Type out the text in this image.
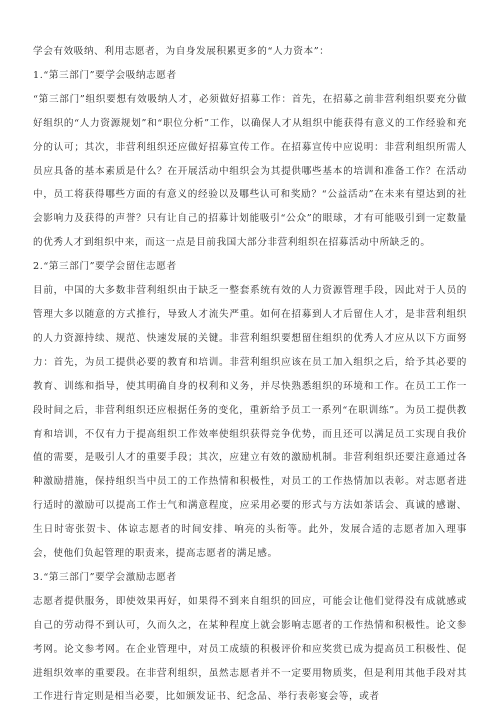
学会有效吸纳、利用志愿者，为自身发展积累更多的“人力资本”：

1.“第三部门”要学会吸纳志愿者

“第三部门”组织要想有效吸纳人才，必须做好招募工作：首先，在招募之前非营利组织要充分做好组织的“人力资源规划”和“职位分析”工作，以确保人才从组织中能获得有意义的工作经验和充分的认可；其次，非营利组织还应做好招募宣传工作。在招募宣传中应说明：非营利组织所需人员应具备的基本素质是什么？在开展活动中组织会为其提供哪些基本的培训和准备工作？在活动中，员工将获得哪些方面的有意义的经验以及哪些认可和奖励？“公益活动”在未来有望达到的社会影响力及获得的声誉？只有让自己的招募计划能吸引“公众”的眼球，才有可能吸引到一定数量的优秀人才到组织中来，而这一点是目前我国大部分非营利组织在招募活动中所缺乏的。

2.“第三部门”要学会留住志愿者

目前，中国的大多数非营利组织由于缺乏一整套系统有效的人力资源管理手段，因此对于人员的管理大多以随意的方式推行，导致人才流失严重。如何在招募到人才后留住人才，是非营利组织的人力资源持续、规范、快速发展的关键。非营利组织要想留住组织的优秀人才应从以下方面努力：首先，为员工提供必要的教育和培训。非营利组织应该在员工加入组织之后，给予其必要的教育、训练和指导，使其明确自身的权利和义务，并尽快熟悉组织的环境和工作。在员工工作一段时间之后，非营利组织还应根据任务的变化，重新给予员工一系列“在职训练”。为员工提供教育和培训，不仅有力于提高组织工作效率使组织获得竞争优势，而且还可以满足员工实现自我价值的需要，是吸引人才的重要手段；其次，应建立有效的激励机制。非营利组织还要注意通过各种激励措施，保持组织当中员工的工作热情和积极性，对员工的工作热情加以表彰。对志愿者进行适时的激励可以提高工作士气和满意程度，应采用必要的形式与方法如茶话会、真诚的感谢、生日时寄张贺卡、体谅志愿者的时间安排、响亮的头衔等。此外，发展合适的志愿者加入理事会，使他们负起管理的职责来，提高志愿者的满足感。

3.“第三部门”要学会激励志愿者

志愿者提供服务，即使效果再好，如果得不到来自组织的回应，可能会让他们觉得没有成就感或自己的劳动得不到认可，久而久之，在某种程度上就会影响志愿者的工作热情和积极性。论文参考网。论文参考网。在企业管理中，对员工成绩的积极评价和应奖赏已成为提高员工积极性、促进组织效率的重要段。在非营利组织，虽然志愿者并不一定要用物质奖，但是利用其他手段对其工作进行肯定则是相当必要，比如颁发证书、纪念品、举行表彰宴会等，或者
